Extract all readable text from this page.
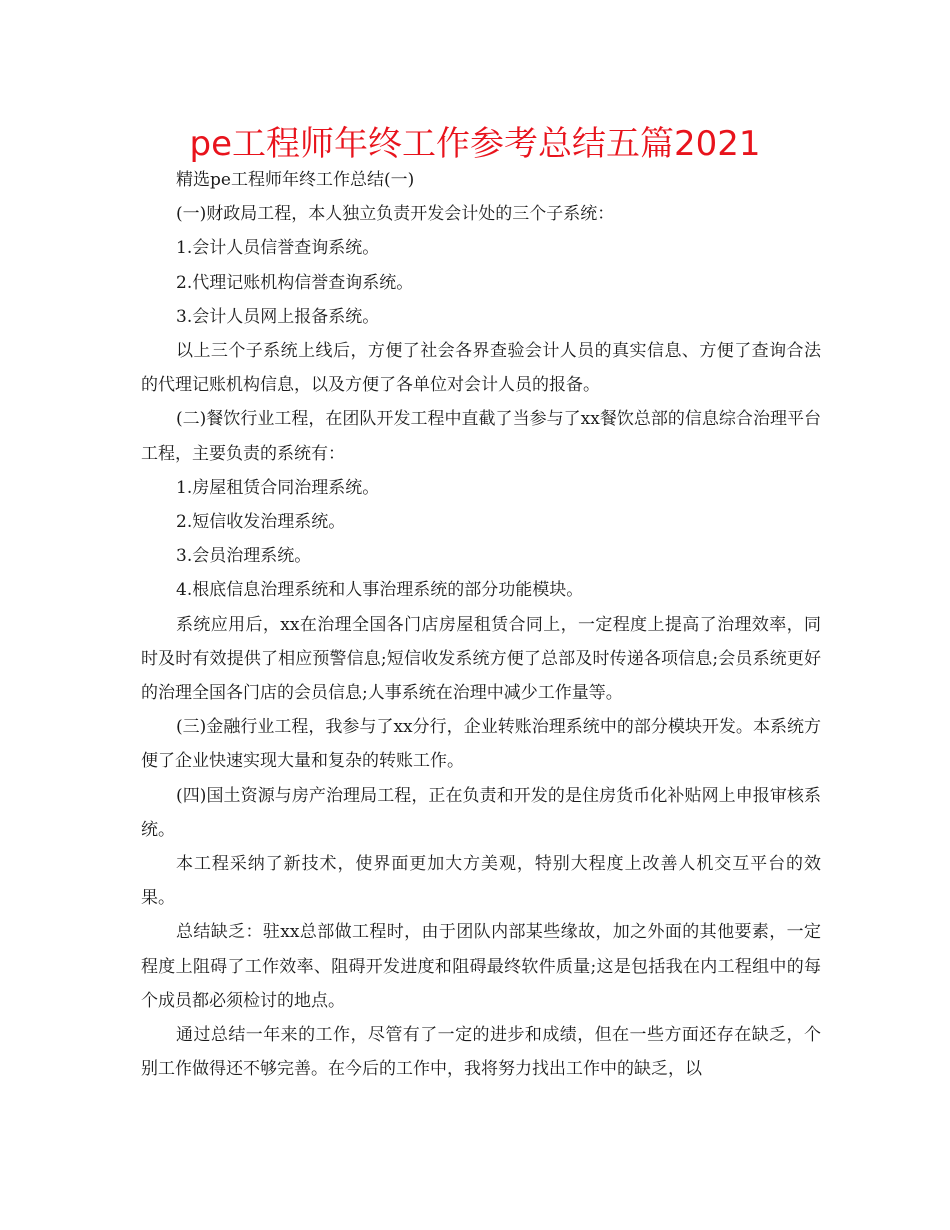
pe工程师年终工作参考总结五篇2021

精选pe工程师年终工作总结(一)

(一)财政局工程，本人独立负责开发会计处的三个子系统：

1.会计人员信誉查询系统。

2.代理记账机构信誉查询系统。

3.会计人员网上报备系统。

以上三个子系统上线后，方便了社会各界查验会计人员的真实信息、方便了查询合法的代理记账机构信息，以及方便了各单位对会计人员的报备。

(二)餐饮行业工程，在团队开发工程中直截了当参与了xx餐饮总部的信息综合治理平台工程，主要负责的系统有：

1.房屋租赁合同治理系统。

2.短信收发治理系统。

3.会员治理系统。

4.根底信息治理系统和人事治理系统的部分功能模块。

系统应用后，xx在治理全国各门店房屋租赁合同上，一定程度上提高了治理效率，同时及时有效提供了相应预警信息;短信收发系统方便了总部及时传递各项信息;会员系统更好的治理全国各门店的会员信息;人事系统在治理中减少工作量等。

(三)金融行业工程，我参与了xx分行，企业转账治理系统中的部分模块开发。本系统方便了企业快速实现大量和复杂的转账工作。

(四)国土资源与房产治理局工程，正在负责和开发的是住房货币化补贴网上申报审核系统。

本工程采纳了新技术，使界面更加大方美观，特别大程度上改善人机交互平台的效果。

总结缺乏：驻xx总部做工程时，由于团队内部某些缘故，加之外面的其他要素，一定程度上阻碍了工作效率、阻碍开发进度和阻碍最终软件质量;这是包括我在内工程组中的每个成员都必须检讨的地点。

通过总结一年来的工作，尽管有了一定的进步和成绩，但在一些方面还存在缺乏，个别工作做得还不够完善。在今后的工作中，我将努力找出工作中的缺乏，以
